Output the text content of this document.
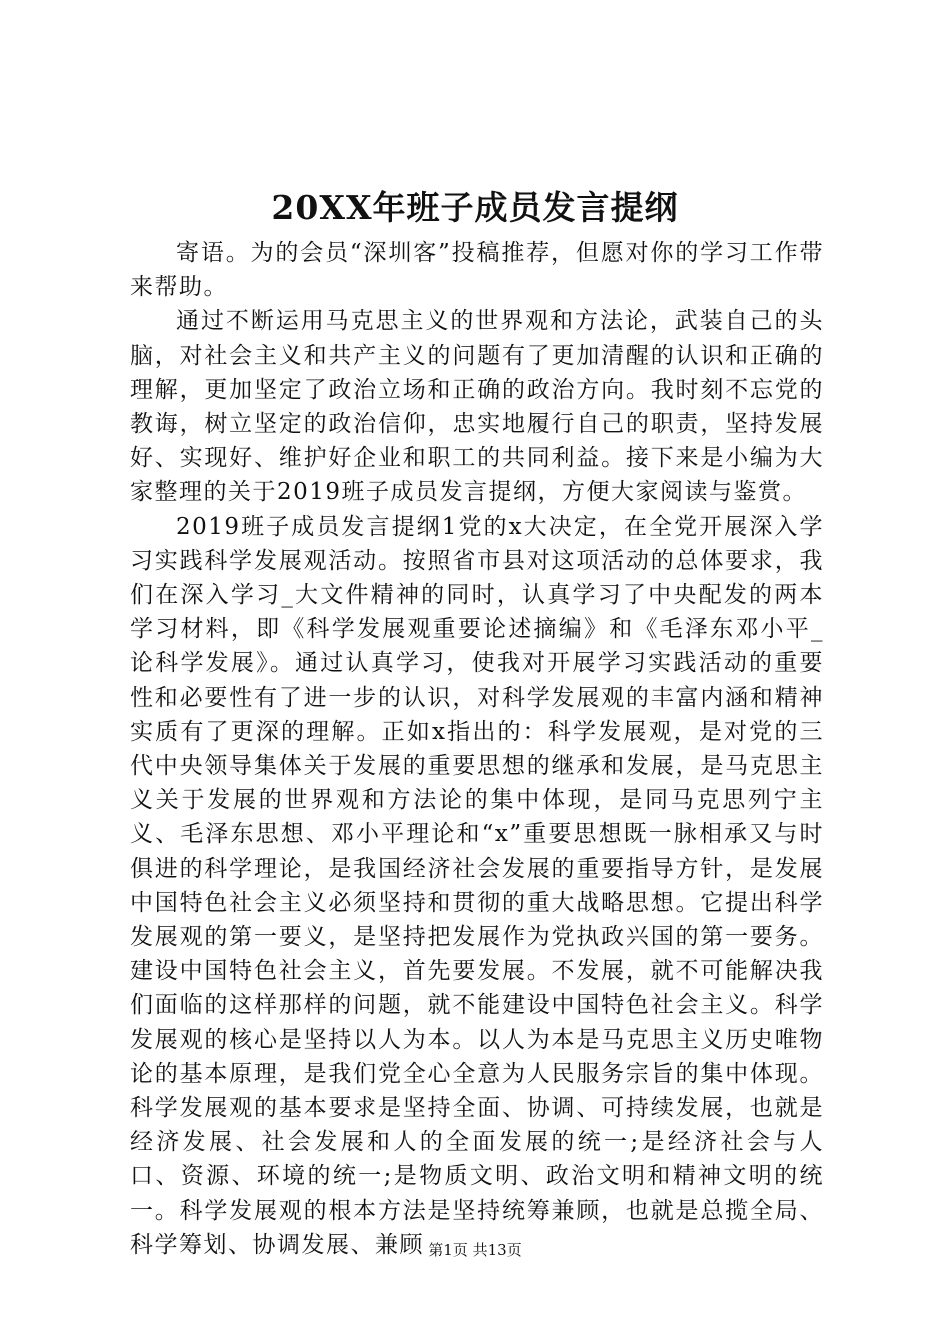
20XX年班子成员发言提纲

寄语。为的会员“深圳客”投稿推荐，但愿对你的学习工作带来帮助。

通过不断运用马克思主义的世界观和方法论，武装自己的头脑，对社会主义和共产主义的问题有了更加清醒的认识和正确的理解，更加坚定了政治立场和正确的政治方向。我时刻不忘党的教诲，树立坚定的政治信仰，忠实地履行自己的职责，坚持发展好、实现好、维护好企业和职工的共同利益。接下来是小编为大家整理的关于2019班子成员发言提纲，方便大家阅读与鉴赏。

2019班子成员发言提纲1党的x大决定，在全党开展深入学习实践科学发展观活动。按照省市县对这项活动的总体要求，我们在深入学习_大文件精神的同时，认真学习了中央配发的两本学习材料，即《科学发展观重要论述摘编》和《毛泽东邓小平_论科学发展》。通过认真学习，使我对开展学习实践活动的重要性和必要性有了进一步的认识，对科学发展观的丰富内涵和精神实质有了更深的理解。正如x指出的：科学发展观，是对党的三代中央领导集体关于发展的重要思想的继承和发展，是马克思主义关于发展的世界观和方法论的集中体现，是同马克思列宁主义、毛泽东思想、邓小平理论和“x”重要思想既一脉相承又与时俱进的科学理论，是我国经济社会发展的重要指导方针，是发展中国特色社会主义必须坚持和贯彻的重大战略思想。它提出科学发展观的第一要义，是坚持把发展作为党执政兴国的第一要务。建设中国特色社会主义，首先要发展。不发展，就不可能解决我们面临的这样那样的问题，就不能建设中国特色社会主义。科学发展观的核心是坚持以人为本。以人为本是马克思主义历史唯物论的基本原理，是我们党全心全意为人民服务宗旨的集中体现。科学发展观的基本要求是坚持全面、协调、可持续发展，也就是经济发展、社会发展和人的全面发展的统一;是经济社会与人口、资源、环境的统一;是物质文明、政治文明和精神文明的统一。科学发展观的根本方法是坚持统筹兼顾，也就是总揽全局、科学筹划、协调发展、兼顾 第1页 共13页
